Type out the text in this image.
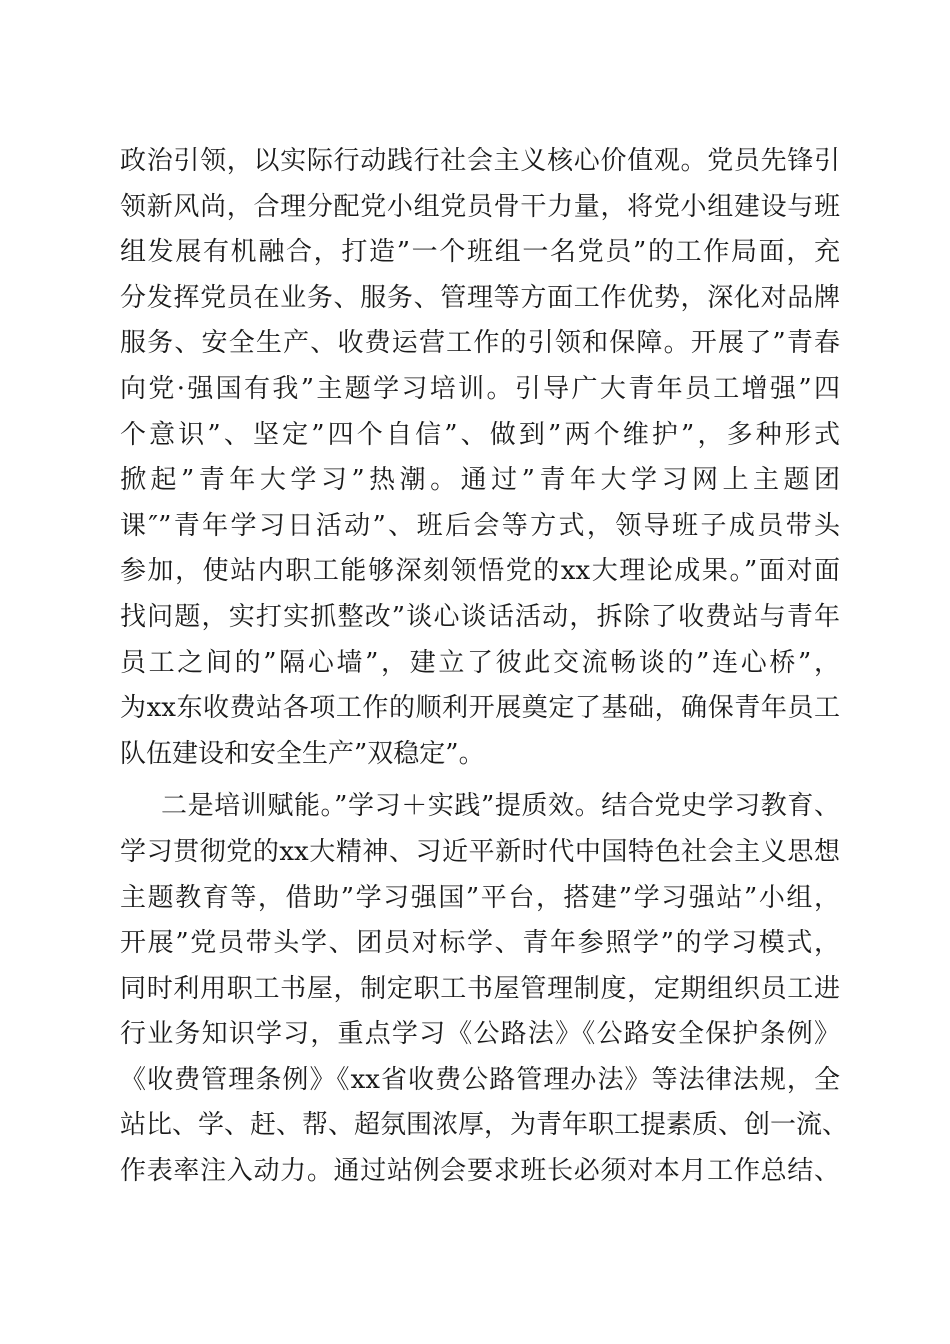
政治引领，以实际行动践行社会主义核心价值观。党员先锋引
领新风尚，合理分配党小组党员骨干力量，将党小组建设与班
组发展有机融合，打造”一个班组一名党员”的工作局面，充
分发挥党员在业务、服务、管理等方面工作优势，深化对品牌
服务、安全生产、收费运营工作的引领和保障。开展了”青春
向党·强国有我”主题学习培训。引导广大青年员工增强”四
个意识”、坚定”四个自信”、做到”两个维护”，多种形式
掀起”青年大学习”热潮。通过”青年大学习网上主题团
课″”青年学习日活动”、班后会等方式，领导班子成员带头
参加，使站内职工能够深刻领悟党的xx大理论成果。”面对面
找问题，实打实抓整改”谈心谈话活动，拆除了收费站与青年
员工之间的”隔心墙”，建立了彼此交流畅谈的”连心桥”，
为xx东收费站各项工作的顺利开展奠定了基础，确保青年员工
队伍建设和安全生产”双稳定”。
二是培训赋能。”学习＋实践”提质效。结合党史学习教育、
学习贯彻党的xx大精神、习近平新时代中国特色社会主义思想
主题教育等，借助”学习强国”平台，搭建”学习强站”小组，
开展”党员带头学、团员对标学、青年参照学”的学习模式，
同时利用职工书屋，制定职工书屋管理制度，定期组织员工进
行业务知识学习，重点学习《公路法》《公路安全保护条例》
《收费管理条例》《xx省收费公路管理办法》等法律法规，全
站比、学、赶、帮、超氛围浓厚，为青年职工提素质、创一流、
作表率注入动力。通过站例会要求班长必须对本月工作总结、
